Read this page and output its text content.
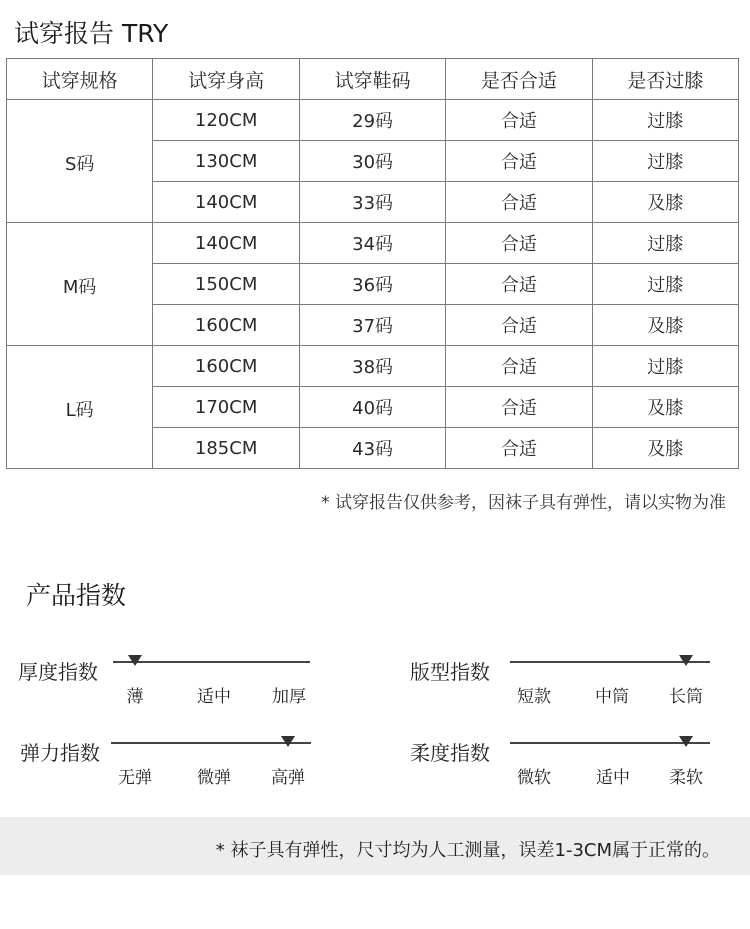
试穿报告 TRY
试穿规格	试穿身高	试穿鞋码	是否合适	是否过膝
S码	120CM	29码	合适	过膝
	130CM	30码	合适	过膝
	140CM	33码	合适	及膝
M码	140CM	34码	合适	过膝
	150CM	36码	合适	过膝
	160CM	37码	合适	及膝
L码	160CM	38码	合适	过膝
	170CM	40码	合适	及膝
	185CM	43码	合适	及膝
* 试穿报告仅供参考，因袜子具有弹性，请以实物为准
产品指数
厚度指数
薄	适中 加厚
版型指数
短款	中筒 长筒
弹力指数
无弹	微弹 高弹
柔度指数
微软	适中 柔软
* 袜子具有弹性，尺寸均为人工测量，误差1-3CM属于正常的。
